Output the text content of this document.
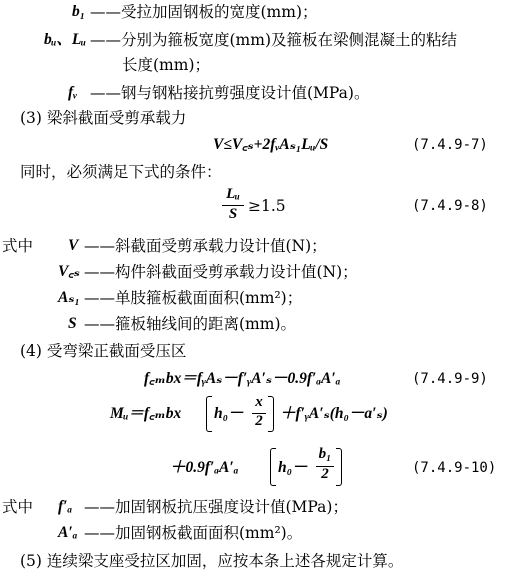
b₁ ——受拉加固钢板的宽度(mm)；
bᵤ、Lᵤ ——分别为箍板宽度(mm)及箍板在梁侧混凝土的粘结
长度(mm)；
fᵥ ——钢与钢粘接抗剪强度设计值(MPa)。
(3) 梁斜截面受剪承载力
V≤V꜀ₛ+2fᵥAₛ₁Lᵤ/S	(7.4.9-7)
同时，必须满足下式的条件：
Lᵤ
S ≥1.5	(7.4.9-8)
式中 V ——斜截面受剪承载力设计值(N)；
V꜀ₛ ——构件斜截面受剪承载力设计值(N)；
Aₛ₁ ——单肢箍板截面面积(mm²)；
S ——箍板轴线间的距离(mm)。
(4) 受弯梁正截面受压区
f꜀ₘbx＝fᵧAₛ－f′ᵧA′ₛ－0.9f′ₐA′ₐ	(7.4.9-9)
Mᵤ＝f꜀ₘbx h₀－
x
2 ＋f′ᵧA′ₛ(h₀－a′ₛ)
＋0.9f′ₐA′ₐ	h₀－
b₁
2	(7.4.9-10)
式中 f′ₐ ——加固钢板抗压强度设计值(MPa)；
A′ₐ ——加固钢板截面面积(mm²)。
(5) 连续梁支座受拉区加固，应按本条上述各规定计算。
